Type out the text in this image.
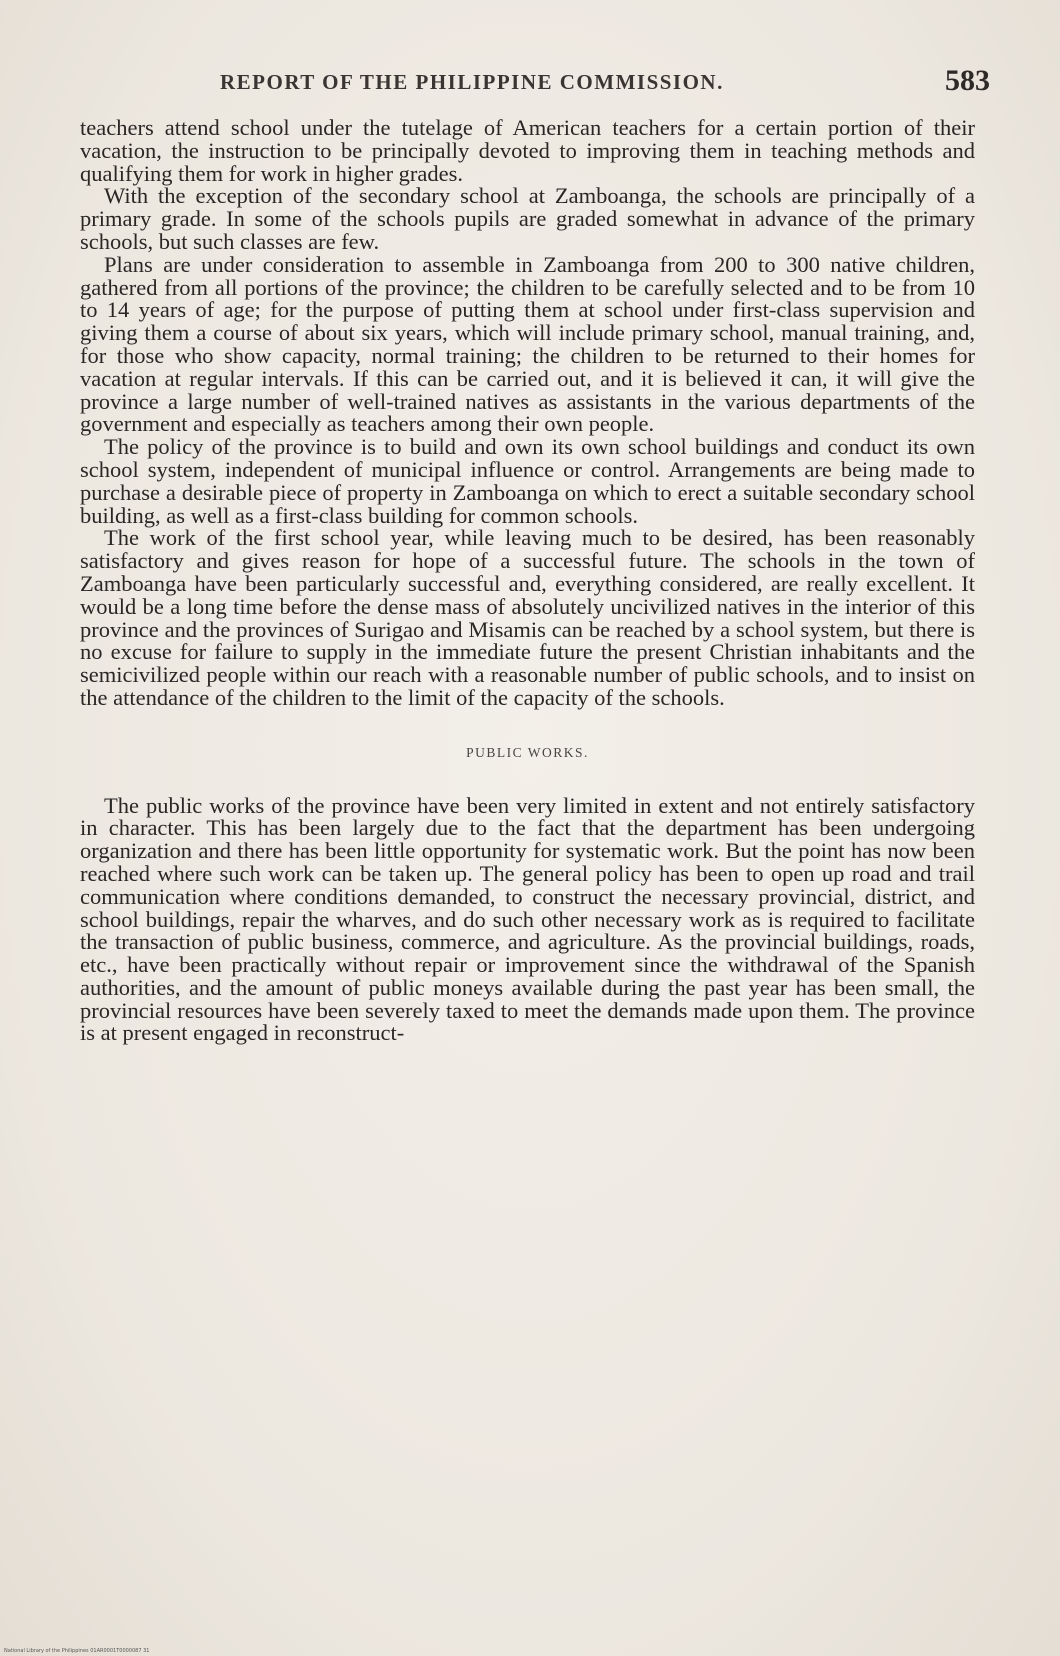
REPORT OF THE PHILIPPINE COMMISSION.	583

teachers attend school under the tutelage of American teachers for a certain portion of their vacation, the instruction to be principally devoted to improving them in teaching methods and qualifying them for work in higher grades.

With the exception of the secondary school at Zamboanga, the schools are principally of a primary grade. In some of the schools pupils are graded somewhat in advance of the primary schools, but such classes are few.

Plans are under consideration to assemble in Zamboanga from 200 to 300 native children, gathered from all portions of the province; the children to be carefully selected and to be from 10 to 14 years of age; for the purpose of putting them at school under first-class supervision and giving them a course of about six years, which will include primary school, manual training, and, for those who show capacity, normal training; the children to be returned to their homes for vacation at regular intervals. If this can be carried out, and it is believed it can, it will give the province a large number of well-trained natives as assistants in the various departments of the government and especially as teachers among their own people.

The policy of the province is to build and own its own school buildings and conduct its own school system, independent of municipal influence or control. Arrangements are being made to purchase a desirable piece of property in Zamboanga on which to erect a suitable secondary school building, as well as a first-class building for common schools.

The work of the first school year, while leaving much to be desired, has been reasonably satisfactory and gives reason for hope of a successful future. The schools in the town of Zamboanga have been particularly successful and, everything considered, are really excellent. It would be a long time before the dense mass of absolutely uncivilized natives in the interior of this province and the provinces of Surigao and Misamis can be reached by a school system, but there is no excuse for failure to supply in the immediate future the present Christian inhabitants and the semicivilized people within our reach with a reasonable number of public schools, and to insist on the attendance of the children to the limit of the capacity of the schools.

PUBLIC WORKS.

The public works of the province have been very limited in extent and not entirely satisfactory in character. This has been largely due to the fact that the department has been undergoing organization and there has been little opportunity for systematic work. But the point has now been reached where such work can be taken up. The general policy has been to open up road and trail communication where conditions demanded, to construct the necessary provincial, district, and school buildings, repair the wharves, and do such other necessary work as is required to facilitate the transaction of public business, commerce, and agriculture. As the provincial buildings, roads, etc., have been practically without repair or improvement since the withdrawal of the Spanish authorities, and the amount of public moneys available during the past year has been small, the provincial resources have been severely taxed to meet the demands made upon them. The province is at present engaged in reconstruct-

National Library of the Philippines 01AR0001T0000087 31
